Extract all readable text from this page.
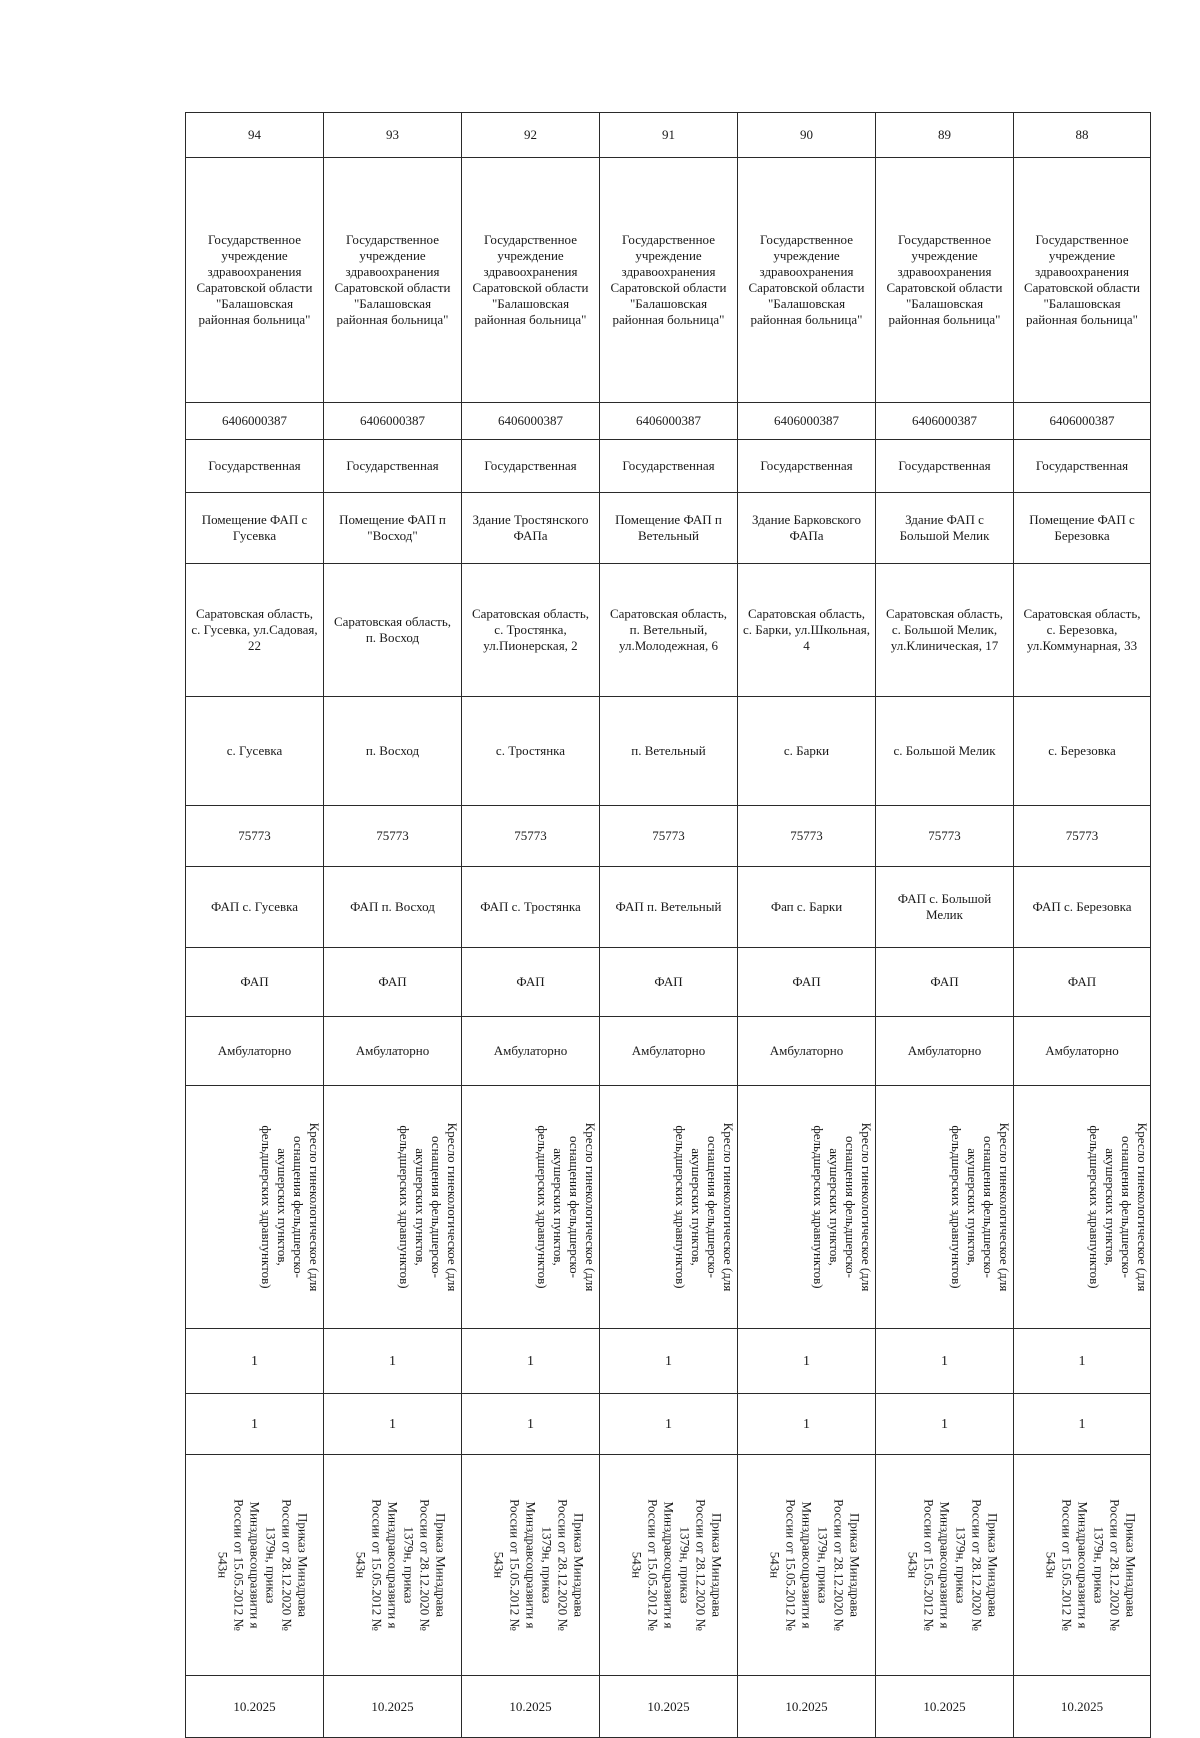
94	93	92	91	90	89	88
Государственное учреждение здравоохранения Саратовской области "Балашовская районная больница"	Государственное учреждение здравоохранения Саратовской области "Балашовская районная больница"	Государственное учреждение здравоохранения Саратовской области "Балашовская районная больница"	Государственное учреждение здравоохранения Саратовской области "Балашовская районная больница"	Государственное учреждение здравоохранения Саратовской области "Балашовская районная больница"	Государственное учреждение здравоохранения Саратовской области "Балашовская районная больница"	Государственное учреждение здравоохранения Саратовской области "Балашовская районная больница"
6406000387	6406000387	6406000387	6406000387	6406000387	6406000387	6406000387
Государственная	Государственная	Государственная	Государственная	Государственная	Государственная	Государственная
Помещение ФАП с Гусевка	Помещение ФАП п "Восход"	Здание Тростянского ФАПа	Помещение ФАП п Ветельный	Здание Барковского ФАПа	Здание ФАП с Большой Мелик	Помещение ФАП с Березовка
Саратовская область, с. Гусевка, ул.Садовая, 22	Саратовская область, п. Восход	Саратовская область, с. Тростянка, ул.Пионерская, 2	Саратовская область, п. Ветельный, ул.Молодежная, 6	Саратовская область, с. Барки, ул.Школьная, 4	Саратовская область, с. Большой Мелик, ул.Клиническая, 17	Саратовская область, с. Березовка, ул.Коммунарная, 33
с. Гусевка	п. Восход	с. Тростянка	п. Ветельный	с. Барки	с. Большой Мелик	с. Березовка
75773	75773	75773	75773	75773	75773	75773
ФАП с. Гусевка	ФАП п. Восход	ФАП с. Тростянка	ФАП п. Ветельный	Фап с. Барки	ФАП с. Большой Мелик	ФАП с. Березовка
ФАП	ФАП	ФАП	ФАП	ФАП	ФАП	ФАП
Амбулаторно	Амбулаторно	Амбулаторно	Амбулаторно	Амбулаторно	Амбулаторно	Амбулаторно
Кресло гинекологическое (для оснащения фельдшерско-акушерских пунктов, фельдшерских здравпунктов)	Кресло гинекологическое (для оснащения фельдшерско-акушерских пунктов, фельдшерских здравпунктов)	Кресло гинекологическое (для оснащения фельдшерско-акушерских пунктов, фельдшерских здравпунктов)	Кресло гинекологическое (для оснащения фельдшерско-акушерских пунктов, фельдшерских здравпунктов)	Кресло гинекологическое (для оснащения фельдшерско-акушерских пунктов, фельдшерских здравпунктов)	Кресло гинекологическое (для оснащения фельдшерско-акушерских пунктов, фельдшерских здравпунктов)	Кресло гинекологическое (для оснащения фельдшерско-акушерских пунктов, фельдшерских здравпунктов)
1	1	1	1	1	1	1
1	1	1	1	1	1	1
Приказ Минздрава России от 28.12.2020 № 1379н, приказ Минздравсоцразвити я России от 15.05.2012 № 543н	Приказ Минздрава России от 28.12.2020 № 1379н, приказ Минздравсоцразвити я России от 15.05.2012 № 543н	Приказ Минздрава России от 28.12.2020 № 1379н, приказ Минздравсоцразвити я России от 15.05.2012 № 543н	Приказ Минздрава России от 28.12.2020 № 1379н, приказ Минздравсоцразвити я России от 15.05.2012 № 543н	Приказ Минздрава России от 28.12.2020 № 1379н, приказ Минздравсоцразвити я России от 15.05.2012 № 543н	Приказ Минздрава России от 28.12.2020 № 1379н, приказ Минздравсоцразвити я России от 15.05.2012 № 543н	Приказ Минздрава России от 28.12.2020 № 1379н, приказ Минздравсоцразвити я России от 15.05.2012 № 543н
10.2025	10.2025	10.2025	10.2025	10.2025	10.2025	10.2025
